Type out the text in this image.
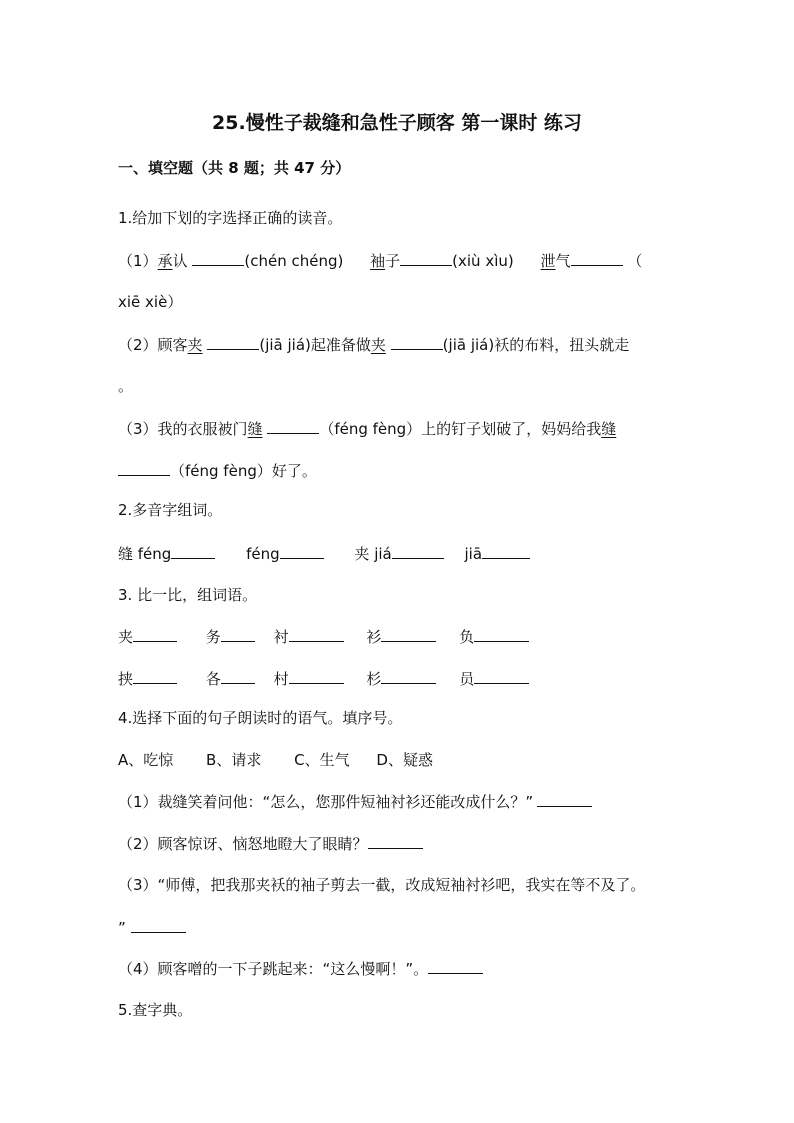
25.慢性子裁缝和急性子顾客 第一课时 练习
一、填空题（共 8 题；共 47 分）
1.给加下划的字选择正确的读音。
（1）承认	(chén chéng) 袖子	(xiù xìu) 泄气	（
xiē xiè）
（2）顾客夹	(jiā jiá)起准备做夹	(jiā jiá)袄的布料，扭头就走
。
（3）我的衣服被门缝	（féng fèng）上的钉子划破了，妈妈给我缝
（féng fèng）好了。
2.多音字组词。
缝 féng	féng	夹 jiá	jiā
3. 比一比，组词语。
夹	务	衬	衫	负
挟	各	村	杉	员
4.选择下面的句子朗读时的语气。填序号。
A、吃惊 B、请求 C、生气 D、疑惑
（1）裁缝笑着问他：“怎么，您那件短袖衬衫还能改成什么？”
（2）顾客惊讶、恼怒地瞪大了眼睛？
（3）“师傅，把我那夹袄的袖子剪去一截，改成短袖衬衫吧，我实在等不及了。
”
（4）顾客噌的一下子跳起来：“这么慢啊！”。
5.查字典。
